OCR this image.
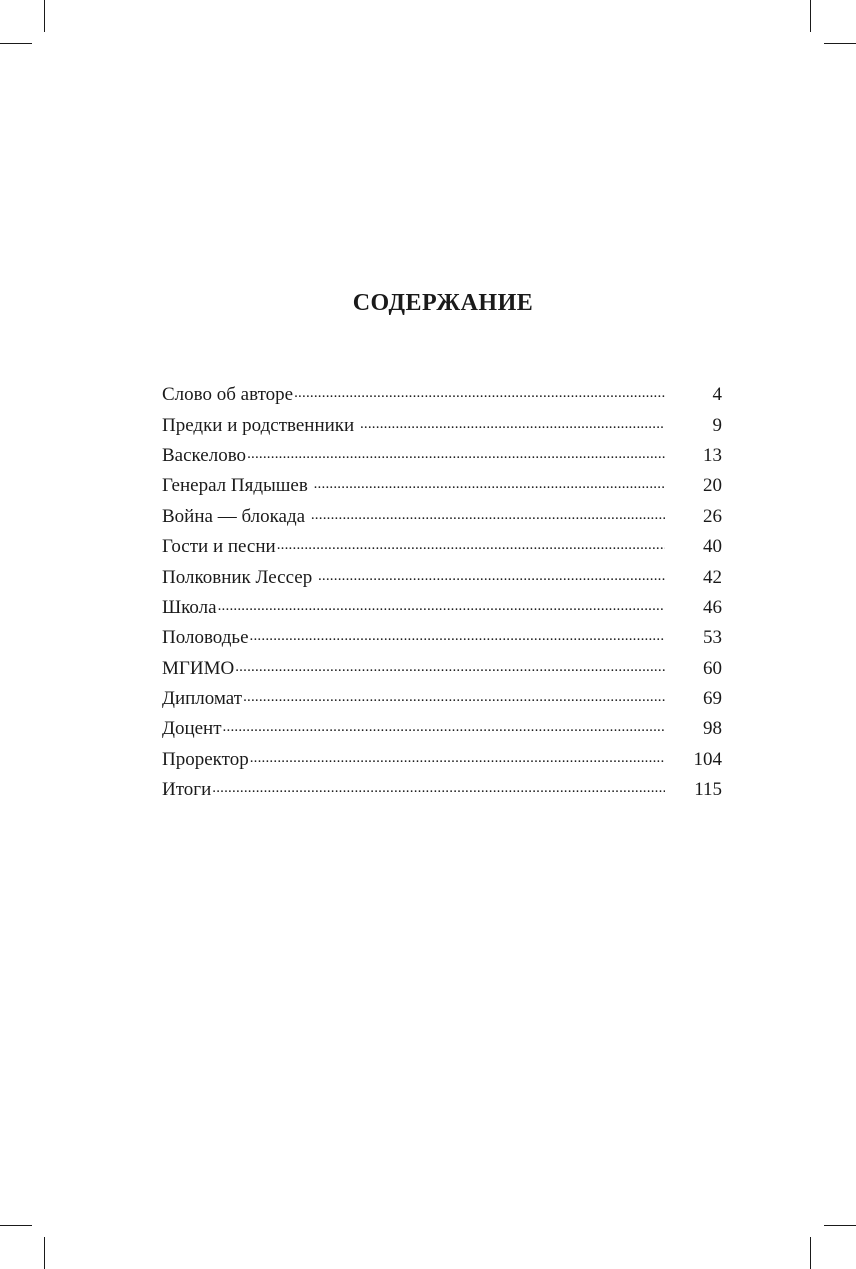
СОДЕРЖАНИЕ
Слово об авторе .....	4
Предки и родственники .....	9
Васкелово .....	13
Генерал Пядышев .....	20
Война — блокада .....	26
Гости и песни .....	40
Полковник Лессер .....	42
Школа .....	46
Половодье .....	53
МГИМО .....	60
Дипломат .....	69
Доцент .....	98
Проректор .....	104
Итоги .....	115
